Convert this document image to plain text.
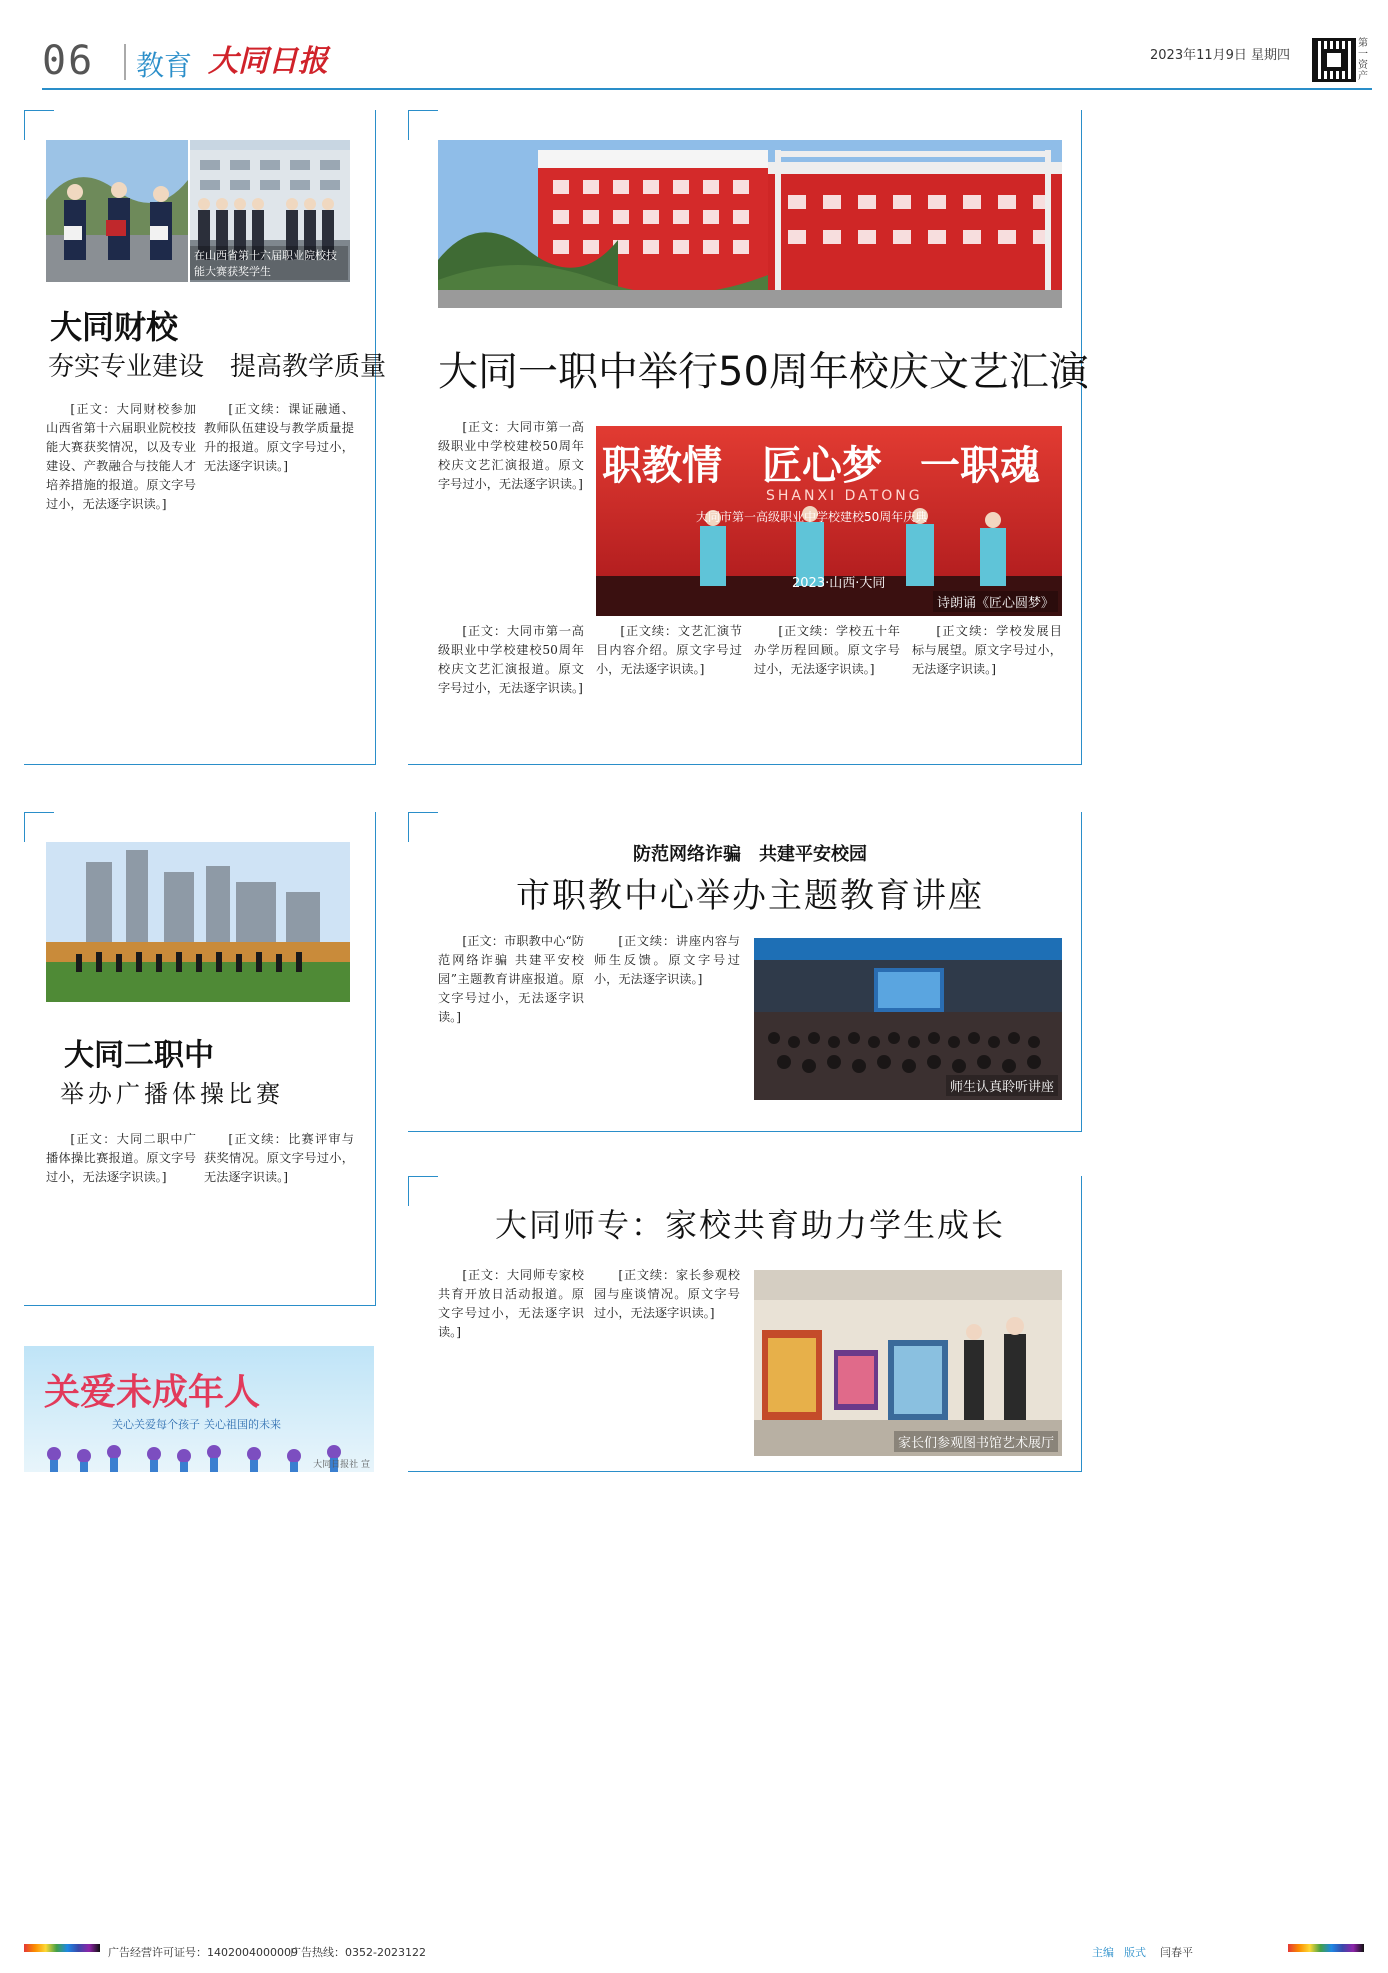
06 教育 大同日报	2023年11月9日 星期四
第一资产
在山西省第十六届职业院校技能大赛获奖学生
大同财校
夯实专业建设　提高教学质量
[正文：大同财校参加山西省第十六届职业院校技能大赛获奖情况，以及专业建设、产教融合与技能人才培养措施的报道。原文字号过小，无法逐字识读。]
[正文续：课证融通、教师队伍建设与教学质量提升的报道。原文字号过小，无法逐字识读。]
大同一职中举行50周年校庆文艺汇演
[正文：大同市第一高级职业中学校建校50周年校庆文艺汇演报道。原文字号过小，无法逐字识读。] 职教情 匠心梦 一职魂
SHANXI DATONG
大同市第一高级职业中学校建校50周年庆典
2023·山西·大同
诗朗诵《匠心圆梦》
[正文：大同市第一高级职业中学校建校50周年校庆文艺汇演报道。原文字号过小，无法逐字识读。]
[正文续：文艺汇演节目内容介绍。原文字号过小，无法逐字识读。]
[正文续：学校五十年办学历程回顾。原文字号过小，无法逐字识读。]
[正文续：学校发展目标与展望。原文字号过小，无法逐字识读。]
大同二职中
举办广播体操比赛
[正文：大同二职中广播体操比赛报道。原文字号过小，无法逐字识读。]
[正文续：比赛评审与获奖情况。原文字号过小，无法逐字识读。]
关爱未成年人
关心关爱每个孩子 关心祖国的未来
大同日报社 宣
防范网络诈骗　共建平安校园
市职教中心举办主题教育讲座
[正文：市职教中心“防范网络诈骗 共建平安校园”主题教育讲座报道。原文字号过小，无法逐字识读。]
[正文续：讲座内容与师生反馈。原文字号过小，无法逐字识读。]
师生认真聆听讲座
大同师专：家校共育助力学生成长
[正文：大同师专家校共育开放日活动报道。原文字号过小，无法逐字识读。]
[正文续：家长参观校园与座谈情况。原文字号过小，无法逐字识读。]
家长们参观图书馆艺术展厅
广告经营许可证号：1402004000009
广告热线：0352-2023122	主编 版式 闫春平
